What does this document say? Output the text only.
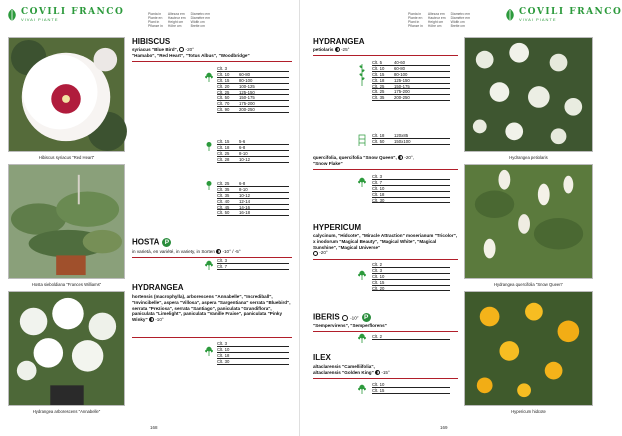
Pianta in
Plante en
Plant in
Pflanze in
Altezza em
Hauteur em
Height cm
Höhe cm
Diametro em
Diamètre em
Width cm
Breite cm
COVILI FRANCO
VIVAI PIANTE
Hibiscus syriacus "Red Heart"
Hosta sieboldiana "Frances Williams"
Hydrangea arborescens "Annabelle"
HIBISCUS
syriacus "Blue Bird", -20°
"Hamabo", "Red Heart", "Totus Albus", "Woodbridge"
Clt. 3
Clt. 10 60-80
Clt. 15 80-100
Clt. 20 100-125
Clt. 25 125-150
Clt. 50 150-175
Clt. 70 175-200
Clt. 90 200-250
Clt. 15 5-6
Clt. 18 6-8
Clt. 25 8-10
Clt. 28 10-12
Clt. 25 6-8
Clt. 35 8-10
Clt. 35 10-12
Clt. 40 12-14
Clt. 45 14-16
Clt. 50 16-18
HOSTA P
in varietà, en variété, in variety, in Sorten -10° / -5°
Clt. 3
Clt. 7
HYDRANGEA
hortensis (macrophylla), arborescens "Annabelle", "Incrediball", "Invincibelle", aspera "Villosa", aspera "Sargentiana" serrata "Bluebird", serrata "Preziosa", serrata "Santiago", paniculata "Grandiflora", paniculata "Limelight", paniculata "Vanille Fraise", paniculata "Pinky Winky" -10°
Clt. 3
Clt. 10
Clt. 18
Clt. 30
168
Pianta in
Plante en
Plant in
Pflanze in
Altezza em
Hauteur em
Height cm
Höhe cm
Diametro em
Diamètre em
Width cm
Breite cm
COVILI FRANCO
VIVAI PIANTE
Hydrangea petiolaris
Hydrangea quercifolia "Snow Queen"
Hypericum hidcote
HYDRANGEA
petiolaris -25°
Clt. 5	40-60
Clt. 10 60-80
Clt. 15 80-100
Clt. 18 125-150
Clt. 25 150-175
Clt. 25 175-200
Clt. 35 200-250
Clt. 18 120x85
Clt. 50 150x100
quercifolia, quercifolia "Snow Queen", -20°,
"Snow Flake"
Clt. 3
Clt. 7
Clt. 10
Clt. 18
Clt. 30
HYPERICUM
calycinum, "Hidcote", "Miracle Attraction" moserianum "Tricolor", x inodorum "Magical Beauty", "Magical White", "Magical Sunshine", "Magical Universe"
-20°
Clt. 2
Clt. 3
Clt. 10
Clt. 15
Clt. 20
IBERIS -10° P
"Sempervirens", "Semperflorens"
Clt. 2
ILEX
altaclarensis "Camelliifolia",
altaclarensis "Golden King" -15°
Clt. 10
Clt. 15
169
